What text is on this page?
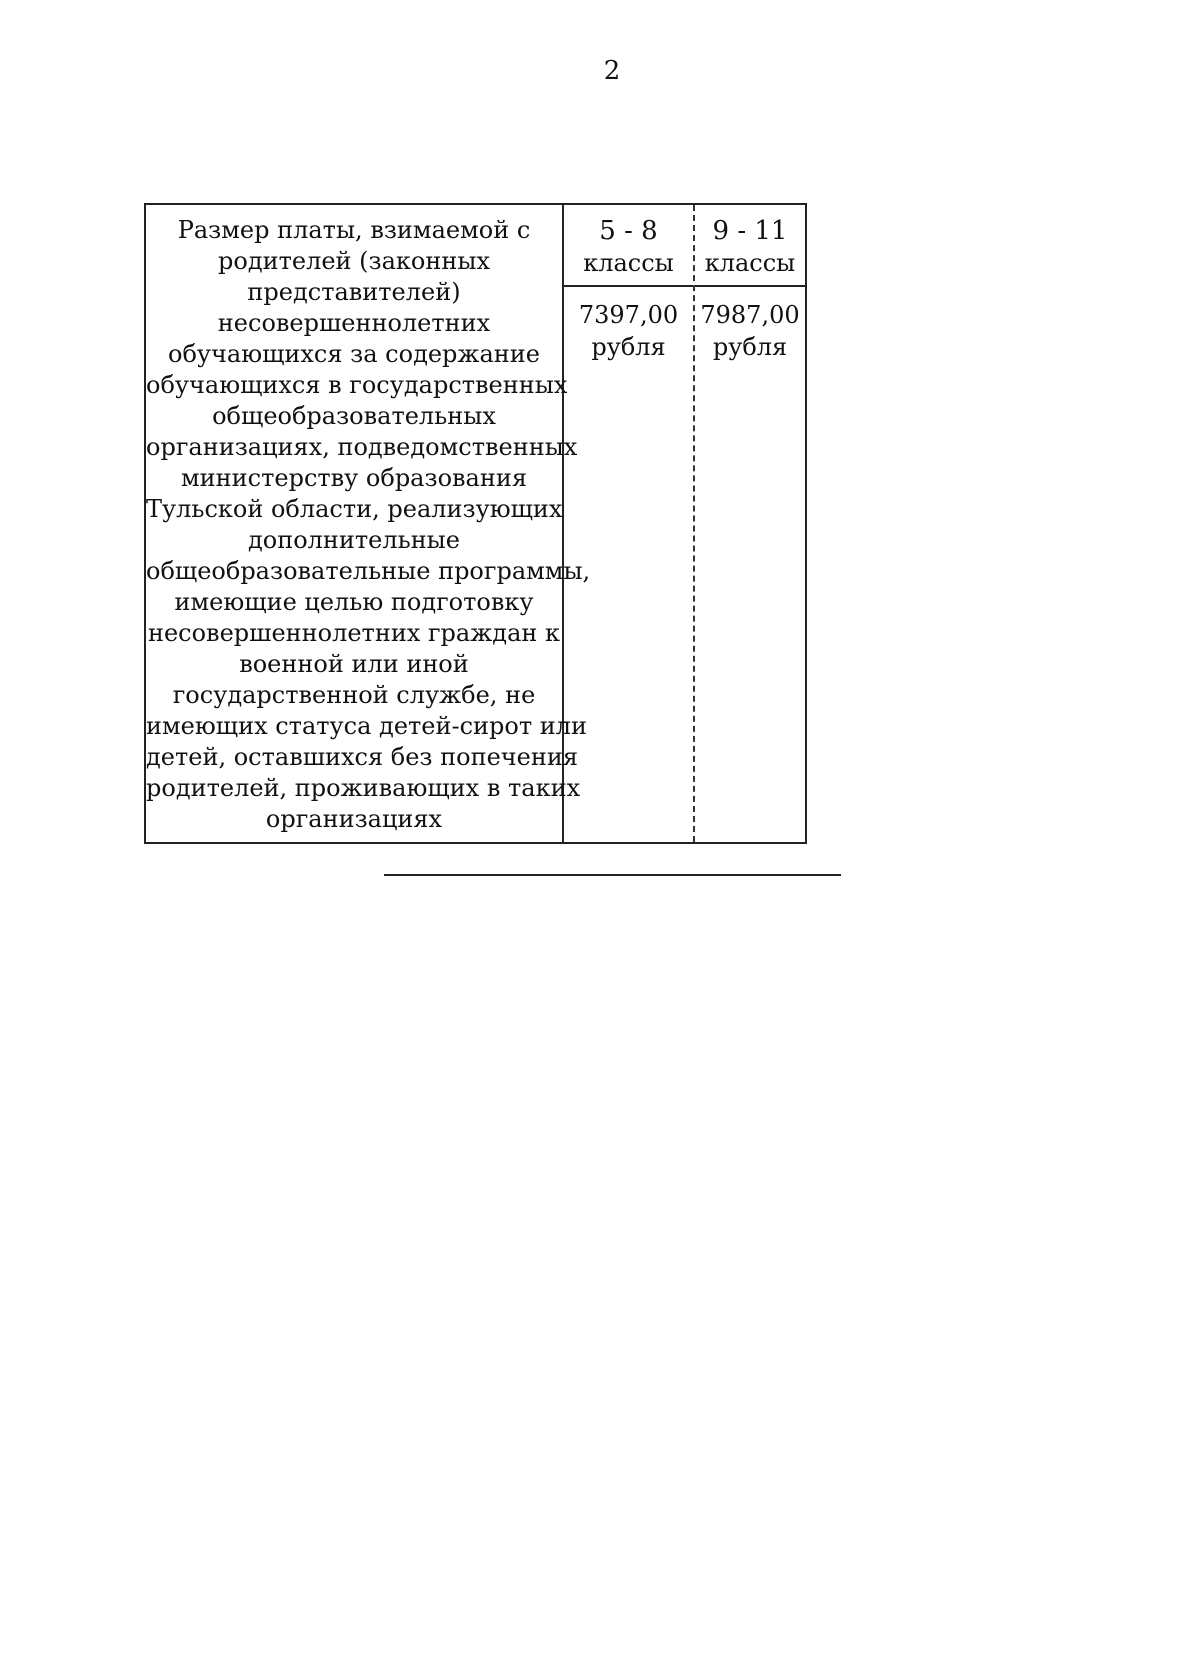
2
Размер платы, взимаемой с
родителей (законных
представителей)
несовершеннолетних
обучающихся за содержание
обучающихся в государственных
общеобразовательных
организациях, подведомственных
министерству образования
Тульской области, реализующих
дополнительные
общеобразовательные программы,
имеющие целью подготовку
несовершеннолетних граждан к
военной или иной
государственной службе, не
имеющих статуса детей-сирот или
детей, оставшихся без попечения
родителей, проживающих в таких
организациях
5 - 8
классы
7397,00
рубля
9 - 11
классы
7987,00
рубля
